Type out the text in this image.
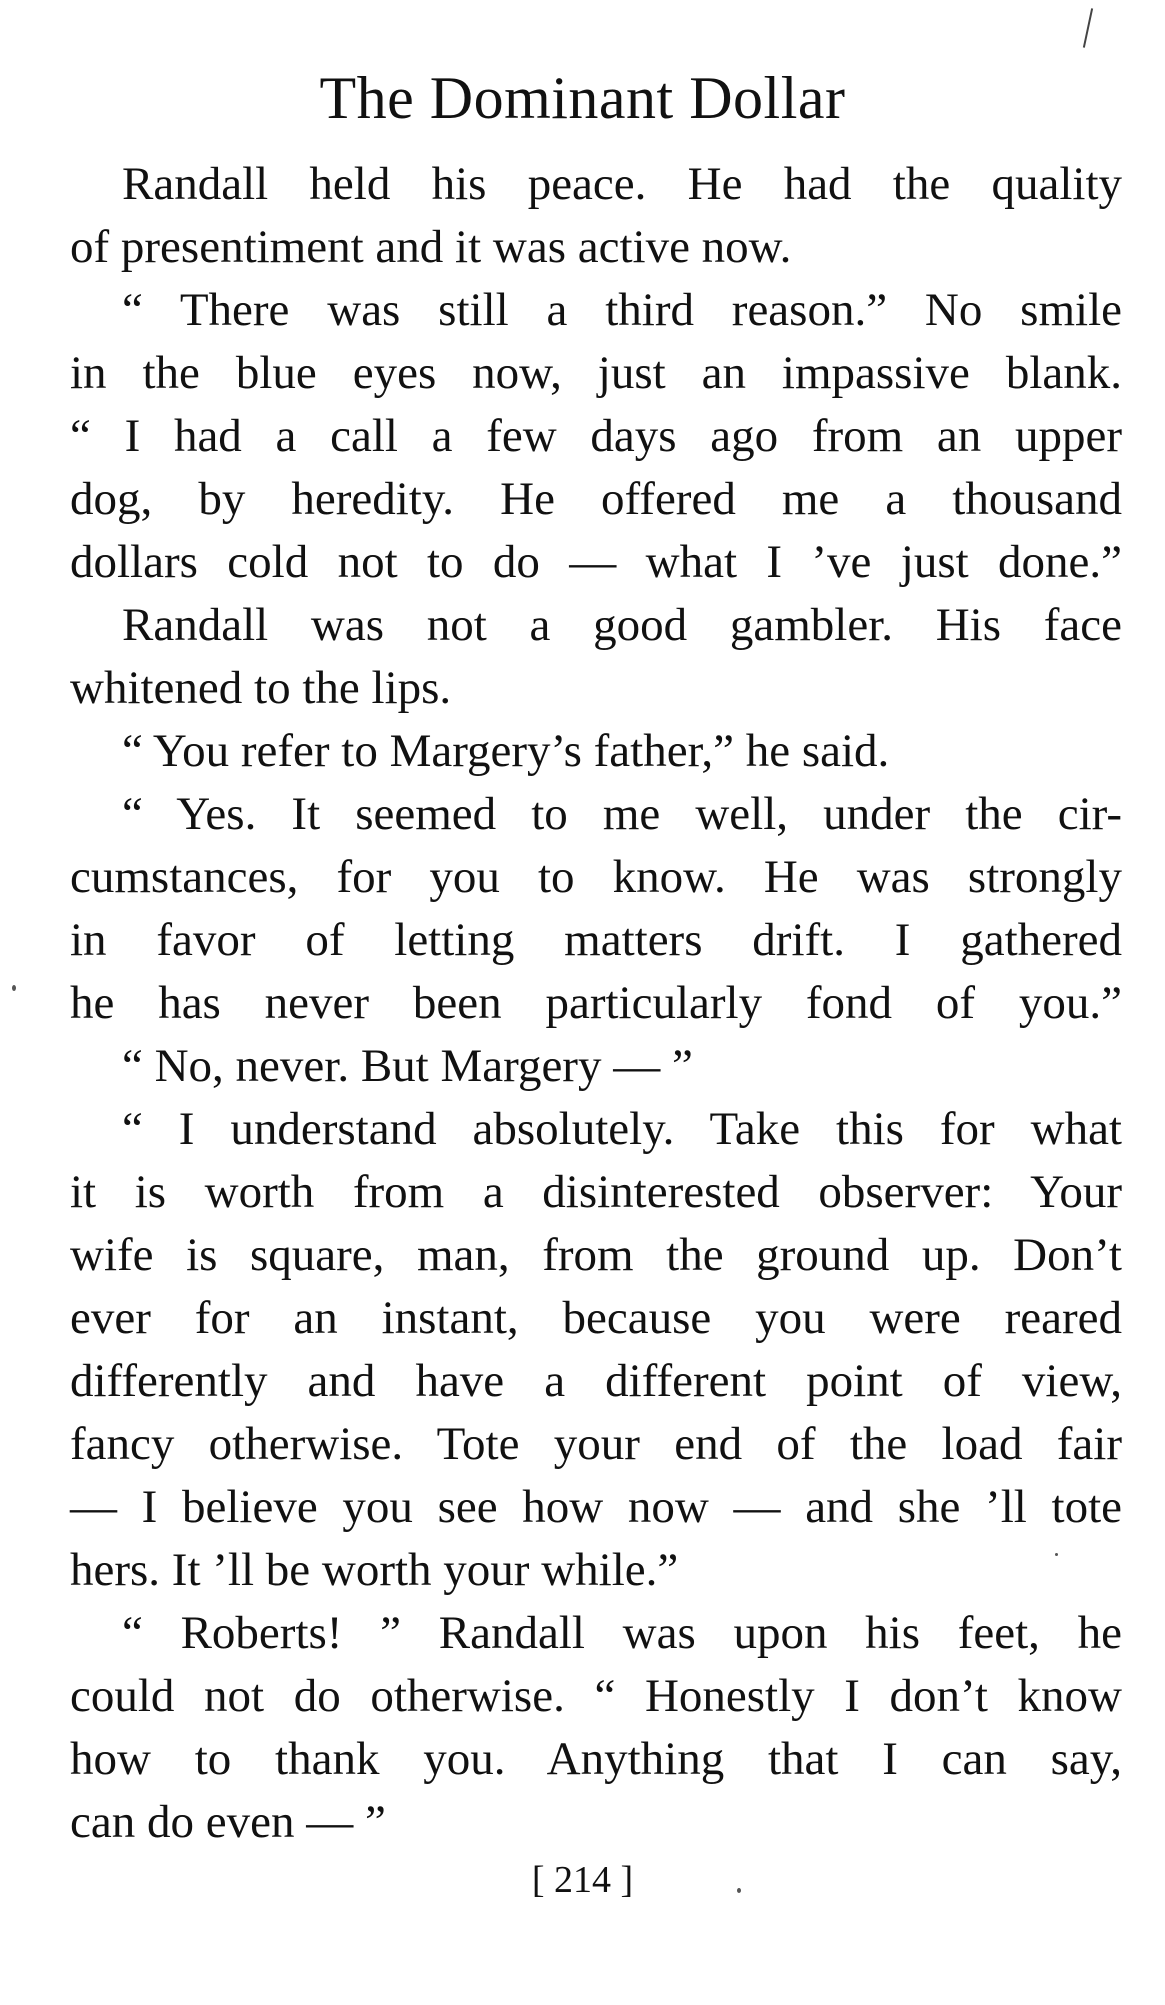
The Dominant Dollar
Randall held his peace. He had the quality
of presentiment and it was active now.
“ There was still a third reason.” No smile
in the blue eyes now, just an impassive blank.
“ I had a call a few days ago from an upper
dog, by heredity. He offered me a thousand
dollars cold not to do — what I ’ve just done.”
Randall was not a good gambler. His face
whitened to the lips.
“ You refer to Margery’s father,” he said.
“ Yes. It seemed to me well, under the cir-
cumstances, for you to know. He was strongly
in favor of letting matters drift. I gathered
he has never been particularly fond of you.”
“ No, never. But Margery — ”
“ I understand absolutely. Take this for what
it is worth from a disinterested observer: Your
wife is square, man, from the ground up. Don’t
ever for an instant, because you were reared
differently and have a different point of view,
fancy otherwise. Tote your end of the load fair
— I believe you see how now — and she ’ll tote
hers. It ’ll be worth your while.”
“ Roberts! ” Randall was upon his feet, he
could not do otherwise. “ Honestly I don’t know
how to thank you. Anything that I can say,
can do even — ”
[ 214 ]
